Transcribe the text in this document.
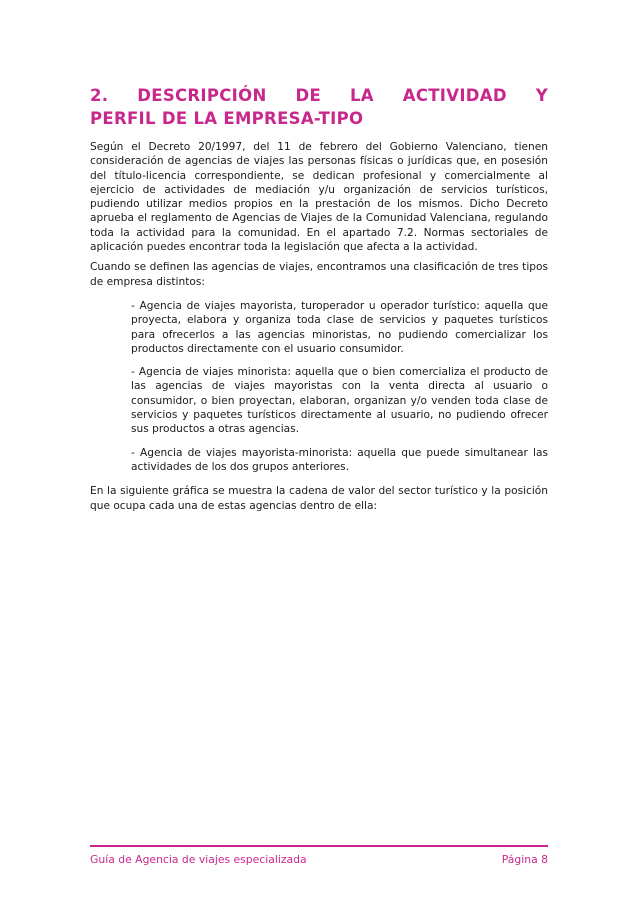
2. DESCRIPCIÓN DE LA ACTIVIDAD Y
PERFIL DE LA EMPRESA-TIPO

Según el Decreto 20/1997, del 11 de febrero del Gobierno Valenciano, tienen consideración de agencias de viajes las personas físicas o jurídicas que, en posesión del título-licencia correspondiente, se dedican profesional y comercialmente al ejercicio de actividades de mediación y/u organización de servicios turísticos, pudiendo utilizar medios propios en la prestación de los mismos. Dicho Decreto aprueba el reglamento de Agencias de Viajes de la Comunidad Valenciana, regulando toda la actividad para la comunidad. En el apartado 7.2. Normas sectoriales de aplicación puedes encontrar toda la legislación que afecta a la actividad.

Cuando se definen las agencias de viajes, encontramos una clasificación de tres tipos de empresa distintos:

- Agencia de viajes mayorista, turoperador u operador turístico: aquella que proyecta, elabora y organiza toda clase de servicios y paquetes turísticos para ofrecerlos a las agencias minoristas, no pudiendo comercializar los productos directamente con el usuario consumidor.

- Agencia de viajes minorista: aquella que o bien comercializa el producto de las agencias de viajes mayoristas con la venta directa al usuario o consumidor, o bien proyectan, elaboran, organizan y/o venden toda clase de servicios y paquetes turísticos directamente al usuario, no pudiendo ofrecer sus productos a otras agencias.

- Agencia de viajes mayorista-minorista: aquella que puede simultanear las actividades de los dos grupos anteriores.

En la siguiente gráfica se muestra la cadena de valor del sector turístico y la posición que ocupa cada una de estas agencias dentro de ella:

Guía de Agencia de viajes especializada	Página 8
